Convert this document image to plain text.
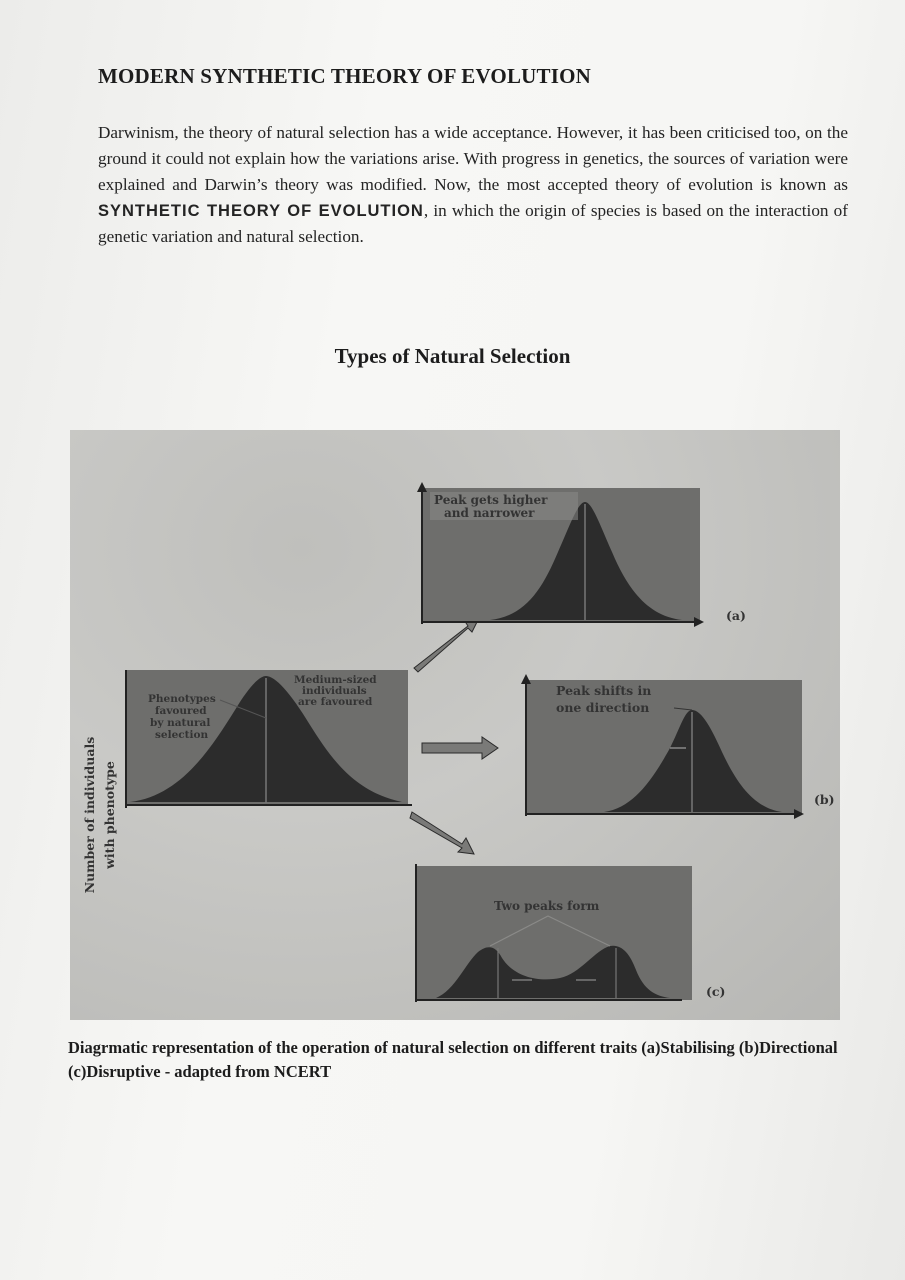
MODERN SYNTHETIC THEORY OF EVOLUTION
Darwinism, the theory of natural selection has a wide acceptance. However, it has been criticised too, on the ground it could not explain how the variations arise. With progress in genetics, the sources of variation were explained and Darwin’s theory was modified. Now, the most accepted theory of evolution is known as SYNTHETIC THEORY OF EVOLUTION, in which the origin of species is based on the interaction of genetic variation and natural selection.
Types of Natural Selection
Number of individuals with phenotype
Phenotypes
favoured
by natural
selection
Medium-sized
individuals
are favoured
Peak gets higher
and narrower
(a)
Peak shifts in
one direction
(b)
Two peaks form
(c)
Diagrmatic representation of the operation of natural selection on different traits (a)Stabilising (b)Directional (c)Disruptive - adapted from NCERT
